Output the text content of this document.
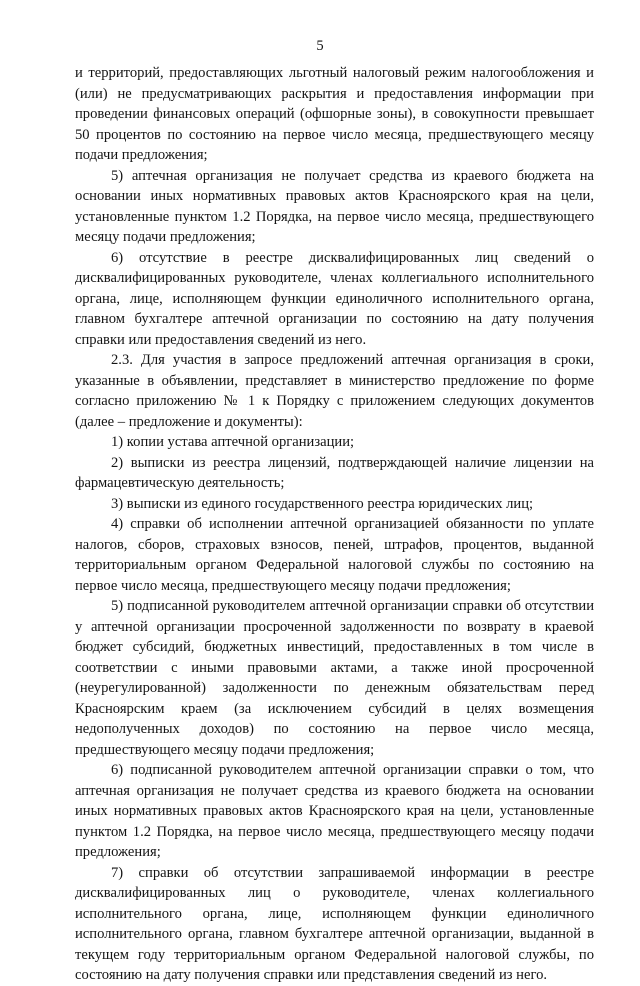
5

и территорий, предоставляющих льготный налоговый режим налогообложения и (или) не предусматривающих раскрытия и предоставления информации при проведении финансовых операций (офшорные зоны), в совокупности превышает 50 процентов по состоянию на первое число месяца, предшествующего месяцу подачи предложения;

5) аптечная организация не получает средства из краевого бюджета на основании иных нормативных правовых актов Красноярского края на цели, установленные пунктом 1.2 Порядка, на первое число месяца, предшествующего месяцу подачи предложения;

6) отсутствие в реестре дисквалифицированных лиц сведений о дисквалифицированных руководителе, членах коллегиального исполнительного органа, лице, исполняющем функции единоличного исполнительного органа, главном бухгалтере аптечной организации по состоянию на дату получения справки или предоставления сведений из него.

2.3. Для участия в запросе предложений аптечная организация в сроки, указанные в объявлении, представляет в министерство предложение по форме согласно приложению № 1 к Порядку с приложением следующих документов (далее – предложение и документы):

1) копии устава аптечной организации;

2) выписки из реестра лицензий, подтверждающей наличие лицензии на фармацевтическую деятельность;

3) выписки из единого государственного реестра юридических лиц;

4) справки об исполнении аптечной организацией обязанности по уплате налогов, сборов, страховых взносов, пеней, штрафов, процентов, выданной территориальным органом Федеральной налоговой службы по состоянию на первое число месяца, предшествующего месяцу подачи предложения;

5) подписанной руководителем аптечной организации справки об отсутствии у аптечной организации просроченной задолженности по возврату в краевой бюджет субсидий, бюджетных инвестиций, предоставленных в том числе в соответствии с иными правовыми актами, а также иной просроченной (неурегулированной) задолженности по денежным обязательствам перед Красноярским краем (за исключением субсидий в целях возмещения недополученных доходов) по состоянию на первое число месяца, предшествующего месяцу подачи предложения;

6) подписанной руководителем аптечной организации справки о том, что аптечная организация не получает средства из краевого бюджета на основании иных нормативных правовых актов Красноярского края на цели, установленные пунктом 1.2 Порядка, на первое число месяца, предшествующего месяцу подачи предложения;

7) справки об отсутствии запрашиваемой информации в реестре дисквалифицированных лиц о руководителе, членах коллегиального исполнительного органа, лице, исполняющем функции единоличного исполнительного органа, главном бухгалтере аптечной организации, выданной в текущем году территориальным органом Федеральной налоговой службы, по состоянию на дату получения справки или представления сведений из него.
